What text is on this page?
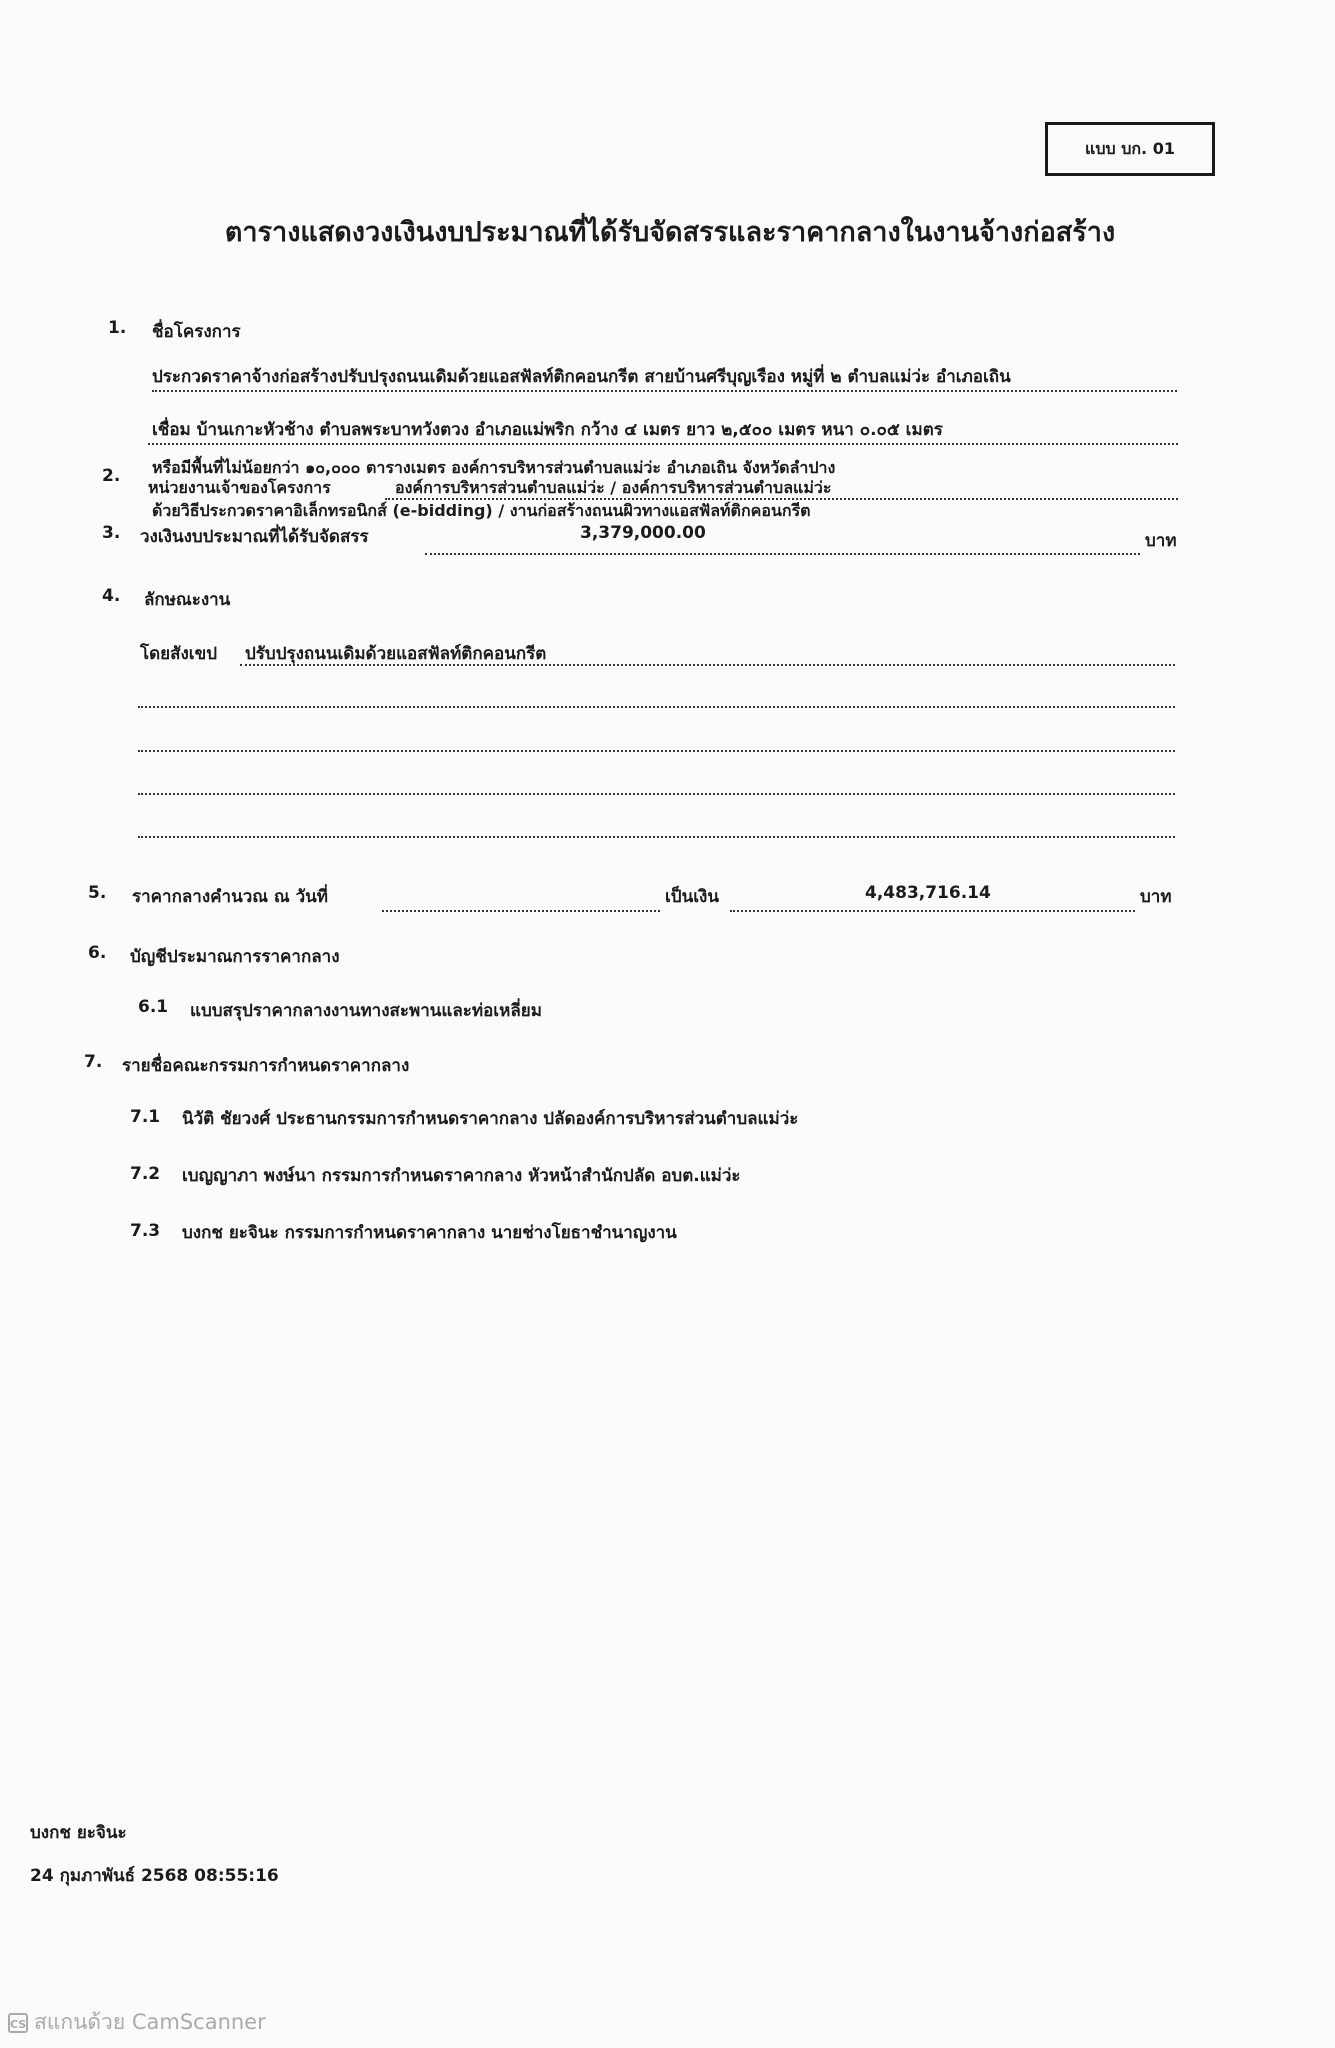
แบบ บก. 01
ตารางแสดงวงเงินงบประมาณที่ได้รับจัดสรรและราคากลางในงานจ้างก่อสร้าง
1. ชื่อโครงการ
ประกวดราคาจ้างก่อสร้างปรับปรุงถนนเดิมด้วยแอสฟัลท์ติกคอนกรีต สายบ้านศรีบุญเรือง หมู่ที่ ๒ ตำบลแม่ว่ะ อำเภอเถิน
เชื่อม บ้านเกาะหัวช้าง ตำบลพระบาทวังตวง อำเภอแม่พริก กว้าง ๔ เมตร ยาว ๒,๕๐๐ เมตร หนา ๐.๐๕ เมตร
หรือมีพื้นที่ไม่น้อยกว่า ๑๐,๐๐๐ ตารางเมตร องค์การบริหารส่วนตำบลแม่ว่ะ อำเภอเถิน จังหวัดลำปาง
2.
หน่วยงานเจ้าของโครงการ	องค์การบริหารส่วนตำบลแม่ว่ะ / องค์การบริหารส่วนตำบลแม่ว่ะ
ด้วยวิธีประกวดราคาอิเล็กทรอนิกส์ (e-bidding) / งานก่อสร้างถนนผิวทางแอสฟัลท์ติกคอนกรีต
3. วงเงินงบประมาณที่ได้รับจัดสรร	3,379,000.00	บาท
4. ลักษณะงาน
โดยสังเขป ปรับปรุงถนนเดิมด้วยแอสฟัลท์ติกคอนกรีต
5. ราคากลางคำนวณ ณ วันที่	เป็นเงิน	4,483,716.14	บาท
6. บัญชีประมาณการราคากลาง
6.1 แบบสรุปราคากลางงานทางสะพานและท่อเหลี่ยม
7. รายชื่อคณะกรรมการกำหนดราคากลาง
7.1 นิวัติ ชัยวงศ์ ประธานกรรมการกำหนดราคากลาง ปลัดองค์การบริหารส่วนตำบลแม่ว่ะ
7.2 เบญญาภา พงษ์นา กรรมการกำหนดราคากลาง หัวหน้าสำนักปลัด อบต.แม่ว่ะ
7.3 บงกช ยะจินะ กรรมการกำหนดราคากลาง นายช่างโยธาชำนาญงาน
บงกช ยะจินะ
24 กุมภาพันธ์ 2568 08:55:16
CS สแกนด้วย CamScanner
